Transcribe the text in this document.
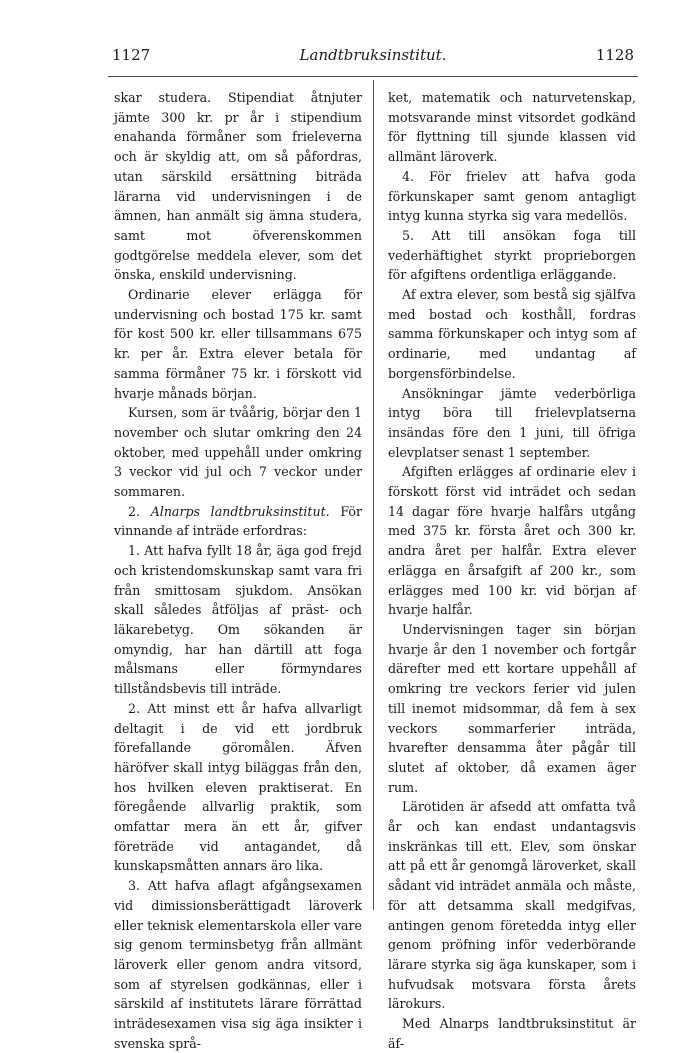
1127	Landtbruksinstitut.	1128

skar studera. Stipendiat åtnjuter jämte 300 kr. pr år i stipendium enahanda förmåner som frieleverna och är skyldig att, om så påfordras, utan särskild ersättning biträda lärarna vid undervisningen i de ämnen, han anmält sig ämna studera, samt mot öfverenskommen godtgörelse meddela elever, som det önska, enskild undervisning.

Ordinarie elever erlägga för undervisning och bostad 175 kr. samt för kost 500 kr. eller tillsammans 675 kr. per år. Extra elever betala för samma förmåner 75 kr. i förskott vid hvarje månads början.

Kursen, som är tvåårig, börjar den 1 november och slutar omkring den 24 oktober, med uppehåll under omkring 3 veckor vid jul och 7 veckor under sommaren.

2. Alnarps landtbruksinstitut. För vinnande af inträde erfordras:

1. Att hafva fyllt 18 år, äga god frejd och kristendomskunskap samt vara fri från smittosam sjukdom. Ansökan skall således åtföljas af präst- och läkarebetyg. Om sökanden är omyndig, har han därtill att foga målsmans eller förmyndares tillståndsbevis till inträde.

2. Att minst ett år hafva allvarligt deltagit i de vid ett jordbruk förefallande göromålen. Äfven häröfver skall intyg biläggas från den, hos hvilken eleven praktiserat. En föregående allvarlig praktik, som omfattar mera än ett år, gifver företräde vid antagandet, då kunskapsmåtten annars äro lika.

3. Att hafva aflagt afgångsexamen vid dimissionsberättigadt läroverk eller teknisk elementarskola eller vare sig genom terminsbetyg från allmänt läroverk eller genom andra vitsord, som af styrelsen godkännas, eller i särskild af institutets lärare förrättad inträdesexamen visa sig äga insikter i svenska språ-

ket, matematik och naturvetenskap, motsvarande minst vitsordet godkänd för flyttning till sjunde klassen vid allmänt läroverk.

4. För frielev att hafva goda förkunskaper samt genom antagligt intyg kunna styrka sig vara medellös.

5. Att till ansökan foga till vederhäftighet styrkt proprieborgen för afgiftens ordentliga erläggande.

Af extra elever, som bestå sig själfva med bostad och kosthåll, fordras samma förkunskaper och intyg som af ordinarie, med undantag af borgensförbindelse.

Ansökningar jämte vederbörliga intyg böra till frielevplatserna insändas före den 1 juni, till öfriga elevplatser senast 1 september.

Afgiften erlägges af ordinarie elev i förskott först vid inträdet och sedan 14 dagar före hvarje halfårs utgång med 375 kr. första året och 300 kr. andra året per halfår. Extra elever erlägga en årsafgift af 200 kr., som erlägges med 100 kr. vid början af hvarje halfår.

Undervisningen tager sin början hvarje år den 1 november och fortgår därefter med ett kortare uppehåll af omkring tre veckors ferier vid julen till inemot midsommar, då fem à sex veckors sommarferier inträda, hvarefter densamma åter pågår till slutet af oktober, då examen äger rum.

Lärotiden är afsedd att omfatta två år och kan endast undantagsvis inskränkas till ett. Elev, som önskar att på ett år genomgå läroverket, skall sådant vid inträdet anmäla och måste, för att detsamma skall medgifvas, antingen genom företedda intyg eller genom pröfning inför vederbörande lärare styrka sig äga kunskaper, som i hufvudsak motsvara första årets lärokurs.

Med Alnarps landtbruksinstitut är äf-
